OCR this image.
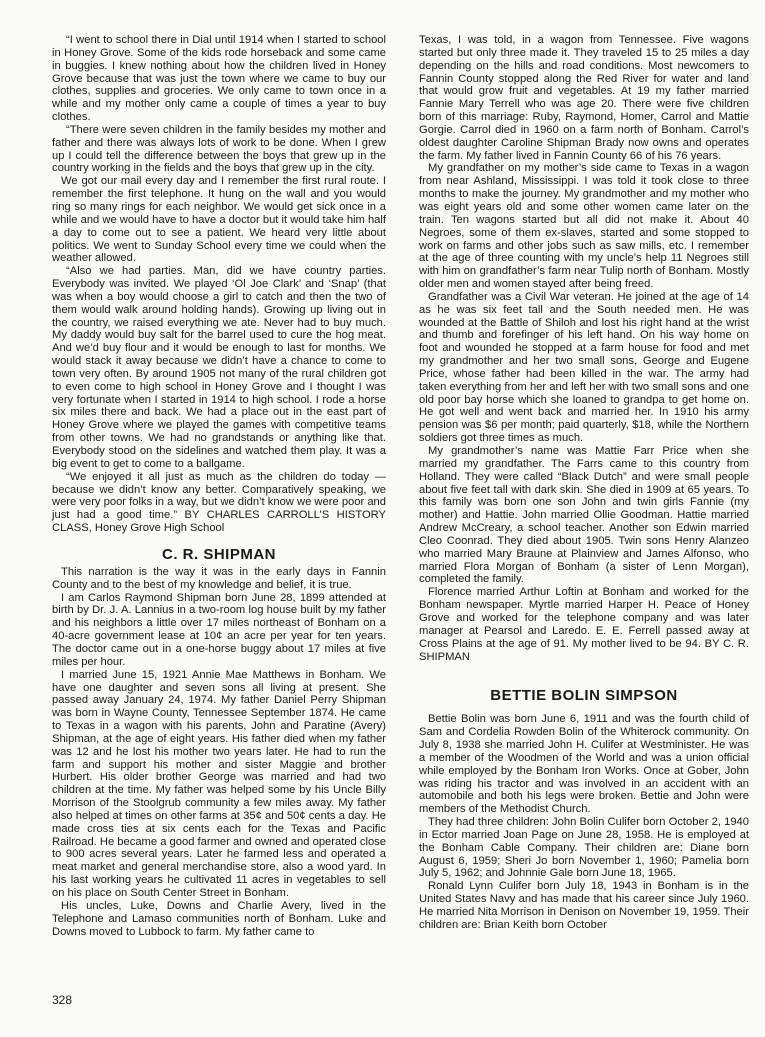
“I went to school there in Dial until 1914 when I started to school in Honey Grove. Some of the kids rode horseback and some came in buggies. I knew nothing about how the children lived in Honey Grove because that was just the town where we came to buy our clothes, supplies and groceries. We only came to town once in a while and my mother only came a couple of times a year to buy clothes.

“There were seven children in the family besides my mother and father and there was always lots of work to be done. When I grew up I could tell the difference between the boys that grew up in the country working in the fields and the boys that grew up in the city.

We got our mail every day and I remember the first rural route. I remember the first telephone. It hung on the wall and you would ring so many rings for each neighbor. We would get sick once in a while and we would have to have a doctor but it would take him half a day to come out to see a patient. We heard very little about politics. We went to Sunday School every time we could when the weather allowed.

“Also we had parties. Man, did we have country parties. Everybody was invited. We played ‘Ol Joe Clark’ and ‘Snap’ (that was when a boy would choose a girl to catch and then the two of them would walk around holding hands). Growing up living out in the country, we raised everything we ate. Never had to buy much. My daddy would buy salt for the barrel used to cure the hog meat. And we’d buy flour and it would be enough to last for months. We would stack it away because we didn’t have a chance to come to town very often. By around 1905 not many of the rural children got to even come to high school in Honey Grove and I thought I was very fortunate when I started in 1914 to high school. I rode a horse six miles there and back. We had a place out in the east part of Honey Grove where we played the games with competitive teams from other towns. We had no grandstands or anything like that. Everybody stood on the sidelines and watched them play. It was a big event to get to come to a ballgame.

“We enjoyed it all just as much as the children do today — because we didn’t know any better. Comparatively speaking, we were very poor folks in a way, but we didn’t know we were poor and just had a good time.” BY CHARLES CARROLL’S HISTORY CLASS, Honey Grove High School

C. R. SHIPMAN

This narration is the way it was in the early days in Fannin County and to the best of my knowledge and belief, it is true.

I am Carlos Raymond Shipman born June 28, 1899 attended at birth by Dr. J. A. Lannius in a two-room log house built by my father and his neighbors a little over 17 miles northeast of Bonham on a 40-acre government lease at 10¢ an acre per year for ten years. The doctor came out in a one-horse buggy about 17 miles at five miles per hour.

I married June 15, 1921 Annie Mae Matthews in Bonham. We have one daughter and seven sons all living at present. She passed away January 24, 1974. My father Daniel Perry Shipman was born in Wayne County, Tennessee September 1874. He came to Texas in a wagon with his parents, John and Paratine (Avery) Shipman, at the age of eight years. His father died when my father was 12 and he lost his mother two years later. He had to run the farm and support his mother and sister Maggie and brother Hurbert. His older brother George was married and had two children at the time. My father was helped some by his Uncle Billy Morrison of the Stoolgrub community a few miles away. My father also helped at times on other farms at 35¢ and 50¢ cents a day. He made cross ties at six cents each for the Texas and Pacific Railroad. He became a good farmer and owned and operated close to 900 acres several years. Later he farmed less and operated a meat market and general merchandise store, also a wood yard. In his last working years he cultivated 11 acres in vegetables to sell on his place on South Center Street in Bonham.

His uncles, Luke, Downs and Charlie Avery, lived in the Telephone and Lamaso communities north of Bonham. Luke and Downs moved to Lubbock to farm. My father came to

Texas, I was told, in a wagon from Tennessee. Five wagons started but only three made it. They traveled 15 to 25 miles a day depending on the hills and road conditions. Most newcomers to Fannin County stopped along the Red River for water and land that would grow fruit and vegetables. At 19 my father married Fannie Mary Terrell who was age 20. There were five children born of this marriage: Ruby, Raymond, Homer, Carrol and Mattie Gorgie. Carrol died in 1960 on a farm north of Bonham. Carrol’s oldest daughter Caroline Shipman Brady now owns and operates the farm. My father lived in Fannin County 66 of his 76 years.

My grandfather on my mother’s side came to Texas in a wagon from near Ashland, Mississippi. I was told it took close to three months to make the journey. My grandmother and my mother who was eight years old and some other women came later on the train. Ten wagons started but all did not make it. About 40 Negroes, some of them ex-slaves, started and some stopped to work on farms and other jobs such as saw mills, etc. I remember at the age of three counting with my uncle’s help 11 Negroes still with him on grandfather’s farm near Tulip north of Bonham. Mostly older men and women stayed after being freed.

Grandfather was a Civil War veteran. He joined at the age of 14 as he was six feet tall and the South needed men. He was wounded at the Battle of Shiloh and lost his right hand at the wrist and thumb and forefinger of his left hand. On his way home on foot and wounded he stopped at a farm house for food and met my grandmother and her two small sons, George and Eugene Price, whose father had been killed in the war. The army had taken everything from her and left her with two small sons and one old poor bay horse which she loaned to grandpa to get home on. He got well and went back and married her. In 1910 his army pension was $6 per month; paid quarterly, $18, while the Northern soldiers got three times as much.

My grandmother’s name was Mattie Farr Price when she married my grandfather. The Farrs came to this country from Holland. They were called “Black Dutch” and were small people about five feet tall with dark skin. She died in 1909 at 65 years. To this family was born one son John and twin girls Fannie (my mother) and Hattie. John married Ollie Goodman. Hattie married Andrew McCreary, a school teacher. Another son Edwin married Cleo Coonrad. They died about 1905. Twin sons Henry Alanzeo who married Mary Braune at Plainview and James Alfonso, who married Flora Morgan of Bonham (a sister of Lenn Morgan), completed the family.

Florence married Arthur Loftin at Bonham and worked for the Bonham newspaper. Myrtle married Harper H. Peace of Honey Grove and worked for the telephone company and was later manager at Pearsol and Laredo. E. E. Ferrell passed away at Cross Plains at the age of 91. My mother lived to be 94. BY C. R. SHIPMAN

BETTIE BOLIN SIMPSON

Bettie Bolin was born June 6, 1911 and was the fourth child of Sam and Cordelia Rowden Bolin of the Whiterock community. On July 8, 1938 she married John H. Culifer at Westminister. He was a member of the Woodmen of the World and was a union official while employed by the Bonham Iron Works. Once at Gober, John was riding his tractor and was involved in an accident with an automobile and both his legs were broken. Bettie and John were members of the Methodist Church.

They had three children: John Bolin Culifer born October 2, 1940 in Ector married Joan Page on June 28, 1958. He is employed at the Bonham Cable Company. Their children are: Diane born August 6, 1959; Sheri Jo born November 1, 1960; Pamelia born July 5, 1962; and Johnnie Gale born June 18, 1965.

Ronald Lynn Culifer born July 18, 1943 in Bonham is in the United States Navy and has made that his career since July 1960. He married Nita Morrison in Denison on November 19, 1959. Their children are: Brian Keith born October

328
